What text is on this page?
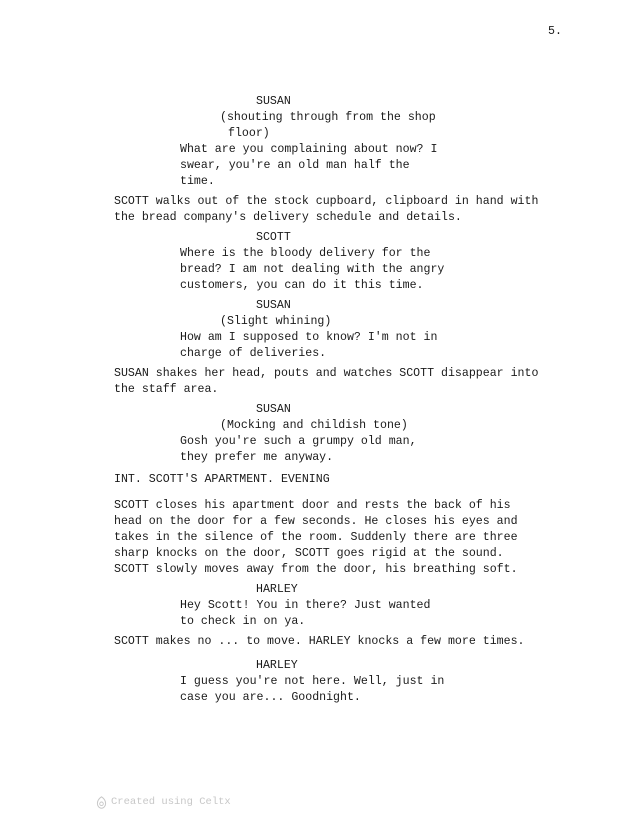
5.
SUSAN
(shouting through from the shop
floor)
What are you complaining about now? I
swear, you're an old man half the
time.
SCOTT walks out of the stock cupboard, clipboard in hand with
the bread company's delivery schedule and details.
SCOTT
Where is the bloody delivery for the
bread? I am not dealing with the angry
customers, you can do it this time.
SUSAN
(Slight whining)
How am I supposed to know? I'm not in
charge of deliveries.
SUSAN shakes her head, pouts and watches SCOTT disappear into
the staff area.
SUSAN
(Mocking and childish tone)
Gosh you're such a grumpy old man,
they prefer me anyway.
INT. SCOTT'S APARTMENT. EVENING
SCOTT closes his apartment door and rests the back of his
head on the door for a few seconds. He closes his eyes and
takes in the silence of the room. Suddenly there are three
sharp knocks on the door, SCOTT goes rigid at the sound.
SCOTT slowly moves away from the door, his breathing soft.
HARLEY
Hey Scott! You in there? Just wanted
to check in on ya.
SCOTT makes no ... to move. HARLEY knocks a few more times.
HARLEY
I guess you're not here. Well, just in
case you are... Goodnight.
Created using Celtx
